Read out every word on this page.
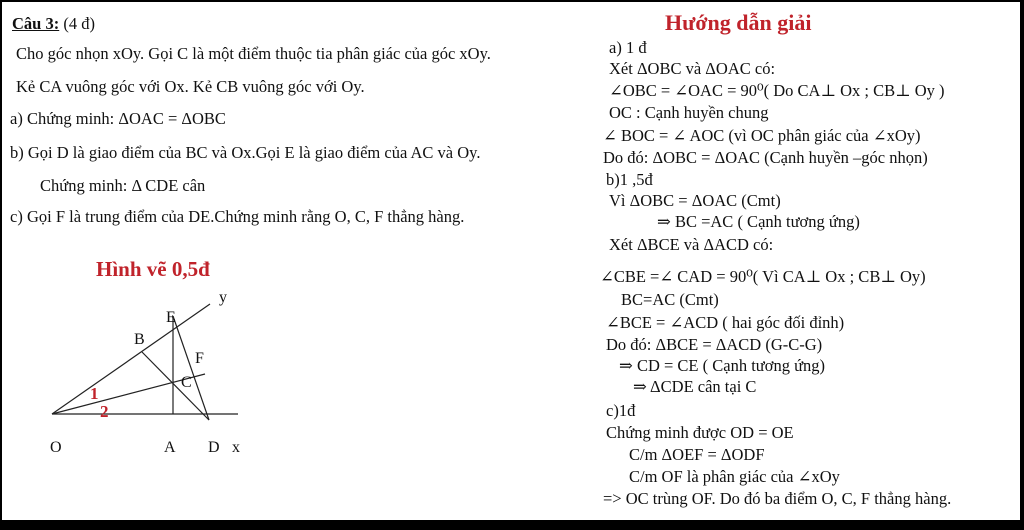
Câu 3: (4 đ)
Cho góc nhọn xOy. Gọi C là một điểm thuộc tia phân giác của góc xOy.
Kẻ CA vuông góc với Ox. Kẻ CB vuông góc với Oy.
a) Chứng minh: ΔOAC = ΔOBC
b) Gọi D là giao điểm của BC và Ox.Gọi E là giao điểm của AC và Oy.
Chứng minh: Δ CDE cân
c) Gọi F là trung điểm của DE.Chứng minh rằng O, C, F thẳng hàng.
Hình vẽ 0,5đ
y
E
B
F
C
O	A D x
1
2
Hướng dẫn giải
a) 1 đ
Xét ΔOBC và ΔOAC có:
∠OBC = ∠OAC = 90⁰( Do CA⊥ Ox ; CB⊥ Oy )
OC : Cạnh huyền chung
∠ BOC = ∠ AOC (vì OC phân giác của ∠xOy)
Do đó: ΔOBC = ΔOAC (Cạnh huyền –góc nhọn)
b)1 ,5đ
Vì ΔOBC = ΔOAC (Cmt)
⇒ BC =AC ( Cạnh tương ứng)
Xét ΔBCE và ΔACD có:
∠CBE =∠ CAD = 90⁰( Vì CA⊥ Ox ; CB⊥ Oy)
BC=AC (Cmt)
∠BCE = ∠ACD ( hai góc đối đỉnh)
Do đó: ΔBCE = ΔACD (G-C-G)
⇒ CD = CE ( Cạnh tương ứng)
⇒ ΔCDE cân tại C
c)1đ
Chứng minh được OD = OE
C/m ΔOEF = ΔODF
C/m OF là phân giác của ∠xOy
=> OC trùng OF. Do đó ba điểm O, C, F thẳng hàng.
